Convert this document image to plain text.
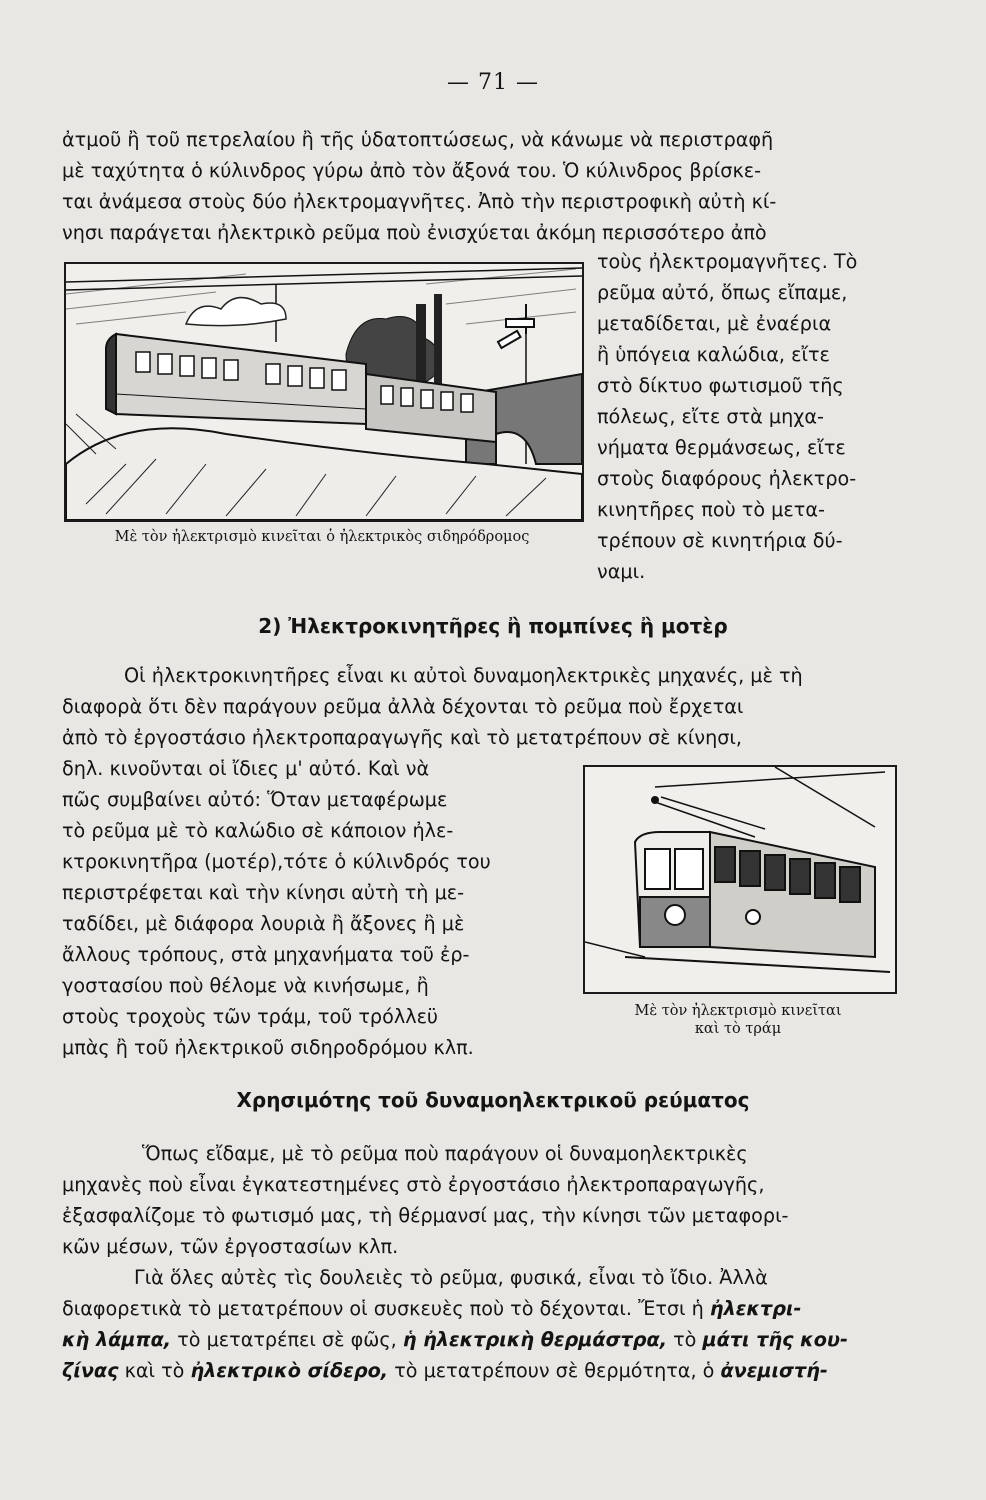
— 71 —

ἀτμοῦ ἢ τοῦ πετρελαίου ἢ τῆς ὑδατοπτώσεως, νὰ κάνωμε νὰ περιστραφῆ
μὲ ταχύτητα ὁ κύλινδρος γύρω ἀπὸ τὸν ἄξονά του. Ὁ κύλινδρος βρίσκε-
ται ἀνάμεσα στοὺς δύο ἠλεκτρομαγνῆτες. Ἀπὸ τὴν περιστροφικὴ αὐτὴ κί-
νησι παράγεται ἠλεκτρικὸ ρεῦμα ποὺ ἐνισχύεται ἀκόμη περισσότερο ἀπὸ

Μὲ τὸν ἠλεκτρισμὸ κινεῖται ὁ ἠλεκτρικὸς σιδηρόδρομος

τοὺς ἠλεκτρομαγνῆτες. Τὸ
ρεῦμα αὐτό, ὅπως εἴπαμε,
μεταδίδεται, μὲ ἐναέρια
ἢ ὑπόγεια καλώδια, εἴτε
στὸ δίκτυο φωτισμοῦ τῆς
πόλεως, εἴτε στὰ μηχα-
νήματα θερμάνσεως, εἴτε
στοὺς διαφόρους ἠλεκτρο-
κινητῆρες ποὺ τὸ μετα-
τρέπουν σὲ κινητήρια δύ-
ναμι.

2) Ἠλεκτροκινητῆρες ἢ πομπίνες ἢ μοτὲρ

Οἱ ἠλεκτροκινητῆρες εἶναι κι αὐτοὶ δυναμοηλεκτρικὲς μηχανές, μὲ τὴ
διαφορὰ ὅτι δὲν παράγουν ρεῦμα ἀλλὰ δέχονται τὸ ρεῦμα ποὺ ἔρχεται
ἀπὸ τὸ ἐργοστάσιο ἠλεκτροπαραγωγῆς καὶ τὸ μετατρέπουν σὲ κίνησι,

δηλ. κινοῦνται οἱ ἴδιες μ' αὐτό. Καὶ νὰ
πῶς συμβαίνει αὐτό: Ὅταν μεταφέρωμε
τὸ ρεῦμα μὲ τὸ καλώδιο σὲ κάποιον ἠλε-
κτροκινητῆρα (μοτέρ),τότε ὁ κύλινδρός του
περιστρέφεται καὶ τὴν κίνησι αὐτὴ τὴ με-
ταδίδει, μὲ διάφορα λουριὰ ἢ ἄξονες ἢ μὲ
ἄλλους τρόπους, στὰ μηχανήματα τοῦ ἐρ-
γοστασίου ποὺ θέλομε νὰ κινήσωμε, ἢ
στοὺς τροχοὺς τῶν τράμ, τοῦ τρόλλεϋ
μπὰς ἢ τοῦ ἠλεκτρικοῦ σιδηροδρόμου κλπ.

Μὲ τὸν ἠλεκτρισμὸ κινεῖται
καὶ τὸ τράμ
Χρησιμότης τοῦ δυναμοηλεκτρικοῦ ρεύματος

Ὅπως εἴδαμε, μὲ τὸ ρεῦμα ποὺ παράγουν οἱ δυναμοηλεκτρικὲς
μηχανὲς ποὺ εἶναι ἐγκατεστημένες στὸ ἐργοστάσιο ἠλεκτροπαραγωγῆς,
ἐξασφαλίζομε τὸ φωτισμό μας, τὴ θέρμανσί μας, τὴν κίνησι τῶν μεταφορι-
κῶν μέσων, τῶν ἐργοστασίων κλπ.

Γιὰ ὅλες αὐτὲς τὶς δουλειὲς τὸ ρεῦμα, φυσικά, εἶναι τὸ ἴδιο. Ἀλλὰ
διαφορετικὰ τὸ μετατρέπουν οἱ συσκευὲς ποὺ τὸ δέχονται. Ἔτσι ἡ ἠλεκτρι-
κὴ λάμπα, τὸ μετατρέπει σὲ φῶς, ἡ ἠλεκτρικὴ θερμάστρα, τὸ μάτι τῆς κου-
ζίνας καὶ τὸ ἠλεκτρικὸ σίδερο, τὸ μετατρέπουν σὲ θερμότητα, ὁ ἀνεμιστή-
